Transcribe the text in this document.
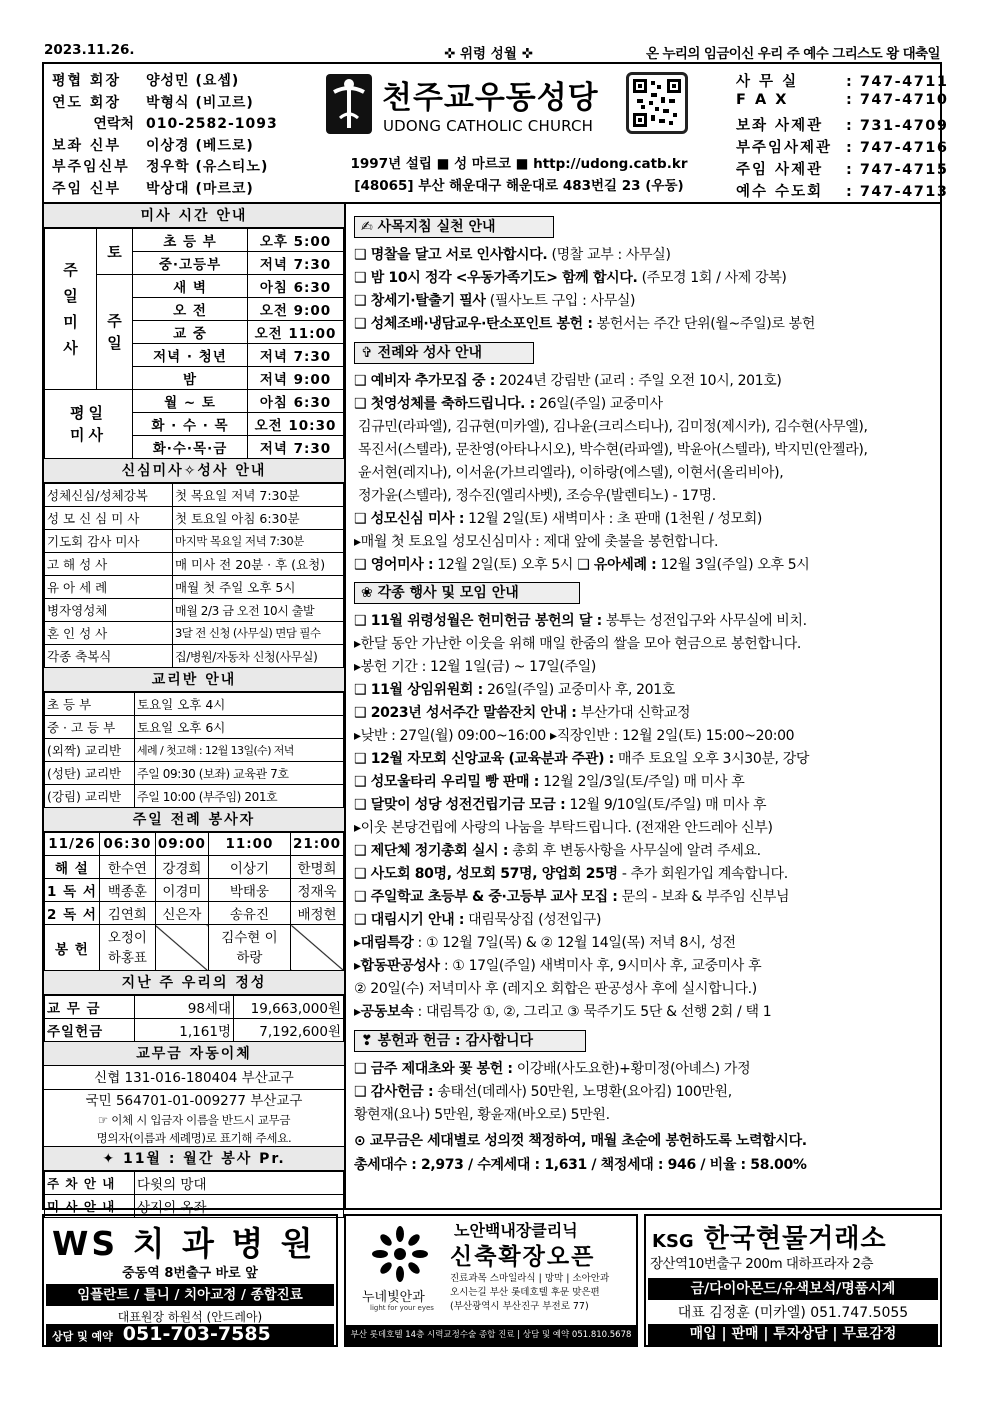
2023.11.26.	✜ 위령 성월 ✜	온 누리의 임금이신 우리 주 예수 그리스도 왕 대축일
평협 회장 양성민 (요셉)
연도 회장 박형식 (비고르)
연락처 010-2582-1093
보좌 신부 이상경 (베드로)
부주임신부 정우학 (유스티노)
주임 신부 박상대 (마르코)
천주교우동성당
UDONG CATHOLIC CHURCH
1997년 설립 ■ 성 마르코 ■ http://udong.catb.kr
[48065] 부산 해운대구 해운대로 483번길 23 (우동)
사 무 실	: 747-4711
F A X	: 747-4710
보좌 사제관 : 731-4709
부주임사제관 : 747-4716
주임 사제관 : 747-4715
예수 수도회 : 747-4713
미사 시간 안내
주일미사	토	초 등 부	오후 5:00
		중·고등부	저녁 7:30
	주일	새 벽	아침 6:30
		오 전	오전 9:00
		교 중	오전 11:00
		저녁 · 청년	저녁 7:30
		밤	저녁 9:00
평일미사		월 ~ 토	아침 6:30
		화 · 수 · 목	오전 10:30
		화·수·목·금	저녁 7:30
신심미사✧성사 안내
성체신심/성체강복	첫 목요일 저녁 7:30분
성 모 신 심 미 사	첫 토요일 아침 6:30분
기도회 감사 미사	마지막 목요일 저녁 7:30분
고 해 성 사	매 미사 전 20분 · 후 (요청)
유 아 세 례	매월 첫 주일 오후 5시
병자영성체	매월 2/3 금 오전 10시 출발
혼 인 성 사	3달 전 신청 (사무실) 면담 필수
각종 축복식	집/병원/자동차 신청(사무실)
교리반 안내
초 등 부	토요일 오후 4시
중 · 고 등 부	토요일 오후 6시
(외짝) 교리반	세례 / 첫고해 : 12월 13일(수) 저녁
(성탄) 교리반	주일 09:30 (보좌) 교육관 7호
(강림) 교리반	주일 10:00 (부주임) 201호
주일 전례 봉사자
11/26	06:30	09:00	11:00	21:00
해 설	한수연	강경희	이상기	한명희
1 독 서	백종훈	이경미	박태웅	정재욱
2 독 서	김연희	신은자	송유진	배정현
봉 헌	오정이 하홍표		김수현 이하랑	
지난 주 우리의 정성
교 무 금	98세대	19,663,000원
주일헌금	1,161명	7,192,600원
교무금 자동이체
신협 131-016-180404 부산교구
국민 564701-01-009277 부산교구
☞ 이체 시 입금자 이름을 반드시 교무금
명의자(이름과 세례명)로 표기해 주세요.
✦ 11월 : 월간 봉사 Pr.
주 차 안 내	다윗의 망대
미 사 안 내	상지의 옥좌
✍ 사목지침 실천 안내
❑ 명찰을 달고 서로 인사합시다. (명찰 교부 : 사무실)
❑ 밤 10시 정각 <우동가족기도> 함께 합시다. (주모경 1회 / 사제 강복)
❑ 창세기·탈출기 필사 (필사노트 구입 : 사무실)
❑ 성체조배·냉담교우·탄소포인트 봉헌 : 봉헌서는 주간 단위(월~주일)로 봉헌
✞ 전례와 성사 안내
❑ 예비자 추가모집 중 : 2024년 강림반 (교리 : 주일 오전 10시, 201호)
❑ 첫영성체를 축하드립니다. : 26일(주일) 교중미사
김규민(라파엘), 김규현(미카엘), 김나윤(크리스티나), 김미정(제시카), 김수현(사무엘),
목진서(스텔라), 문찬영(아타나시오), 박수현(라파엘), 박윤아(스텔라), 박지민(안젤라),
윤서현(레지나), 이서윤(가브리엘라), 이하랑(에스델), 이현서(올리비아),
정가윤(스텔라), 정수진(엘리사벳), 조승우(발렌티노) - 17명.
❑ 성모신심 미사 : 12월 2일(토) 새벽미사 : 초 판매 (1천원 / 성모회)
▸매월 첫 토요일 성모신심미사 : 제대 앞에 촛불을 봉헌합니다.
❑ 영어미사 : 12월 2일(토) 오후 5시 ❑ 유아세례 : 12월 3일(주일) 오후 5시
❀ 각종 행사 및 모임 안내
❑ 11월 위령성월은 헌미헌금 봉헌의 달 : 봉투는 성전입구와 사무실에 비치.
▸한달 동안 가난한 이웃을 위해 매일 한줌의 쌀을 모아 현금으로 봉헌합니다.
▸봉헌 기간 : 12월 1일(금) ~ 17일(주일)
❑ 11월 상임위원회 : 26일(주일) 교중미사 후, 201호
❑ 2023년 성서주간 말씀잔치 안내 : 부산가대 신학교정
▸낮반 : 27일(월) 09:00~16:00 ▸직장인반 : 12월 2일(토) 15:00~20:00
❑ 12월 자모회 신앙교육 (교육분과 주관) : 매주 토요일 오후 3시30분, 강당
❑ 성모울타리 우리밀 빵 판매 : 12월 2일/3일(토/주일) 매 미사 후
❑ 달맞이 성당 성전건립기금 모금 : 12월 9/10일(토/주일) 매 미사 후
▸이웃 본당건립에 사랑의 나눔을 부탁드립니다. (전재완 안드레아 신부)
❑ 제단체 정기총회 실시 : 총회 후 변동사항을 사무실에 알려 주세요.
❑ 사도회 80명, 성모회 57명, 양업회 25명 - 추가 회원가입 계속합니다.
❑ 주일학교 초등부 & 중·고등부 교사 모집 : 문의 - 보좌 & 부주임 신부님
❑ 대림시기 안내 : 대림묵상집 (성전입구)
▸대림특강 : ① 12월 7일(목) & ② 12월 14일(목) 저녁 8시, 성전
▸합동판공성사 : ① 17일(주일) 새벽미사 후, 9시미사 후, 교중미사 후
② 20일(수) 저녁미사 후 (레지오 회합은 판공성사 후에 실시합니다.)
▸공동보속 : 대림특강 ①, ②, 그리고 ③ 묵주기도 5단 & 선행 2회 / 택 1
❣ 봉헌과 헌금 : 감사합니다
❑ 금주 제대초와 꽃 봉헌 : 이강배(사도요한)+황미정(아녜스) 가정
❑ 감사헌금 : 송태선(데레사) 50만원, 노명환(요아킴) 100만원,
황현재(요나) 5만원, 황윤재(바오로) 5만원.
⊙ 교무금은 세대별로 성의껏 책정하여, 매월 초순에 봉헌하도록 노력합시다.
총세대수 : 2,973 / 수계세대 : 1,631 / 책정세대 : 946 / 비율 : 58.00%
WS 치 과 병 원
중동역 8번출구 바로 앞
임플란트 / 틀니 / 치아교정 / 종합진료
대표원장 하원석 (안드레아)
상담 및 예약 051-703-7585
누네빛안과
light for your eyes
노안백내장클리닉
신축확장오픈
진료과목 스마일라식 | 망막 | 소아안과
오시는길 부산 롯데호텔 후문 맞은편
(부산광역시 부산진구 부전로 77)
부산 롯데호텔 14층 시력교정수술 종합 진료 | 상담 및 예약 051.810.5678
KSG 한국현물거래소
장산역10번출구 200m 대하프라자 2층
금/다이아몬드/유색보석/명품시계
대표 김정훈 (미카엘) 051.747.5055
매입 | 판매 | 투자상담 | 무료감정
